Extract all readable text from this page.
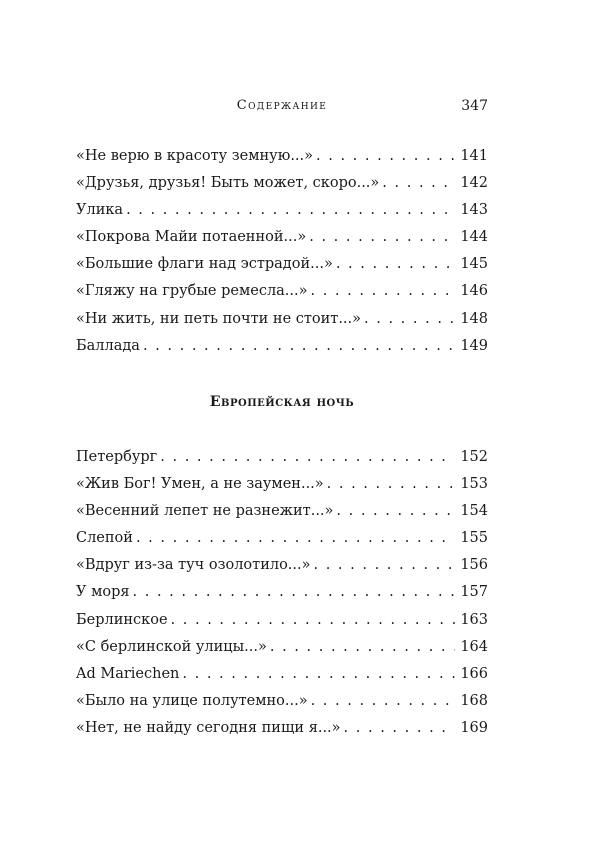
Содержание	347
«Не верю в красоту земную...» . . .	141
«Друзья, друзья! Быть может, скоро...» . . .	142
Улика . . .	143
«Покрова Майи потаенной...» . . .	144
«Большие флаги над эстрадой...» . . .	145
«Гляжу на грубые ремесла...» . . .	146
«Ни жить, ни петь почти не стоит...» . . .	148
Баллада . . .	149
Европейская ночь
Петербург . . .	152
«Жив Бог! Умен, а не заумен...» . . .	153
«Весенний лепет не разнежит...» . . .	154
Слепой . . .	155
«Вдруг из-за туч озолотило...» . . .	156
У моря . . .	157
Берлинское . . .	163
«С берлинской улицы...» . . .	164
Ad Mariechen . . .	166
«Было на улице полутемно...» . . .	168
«Нет, не найду сегодня пищи я...» . . .	169
